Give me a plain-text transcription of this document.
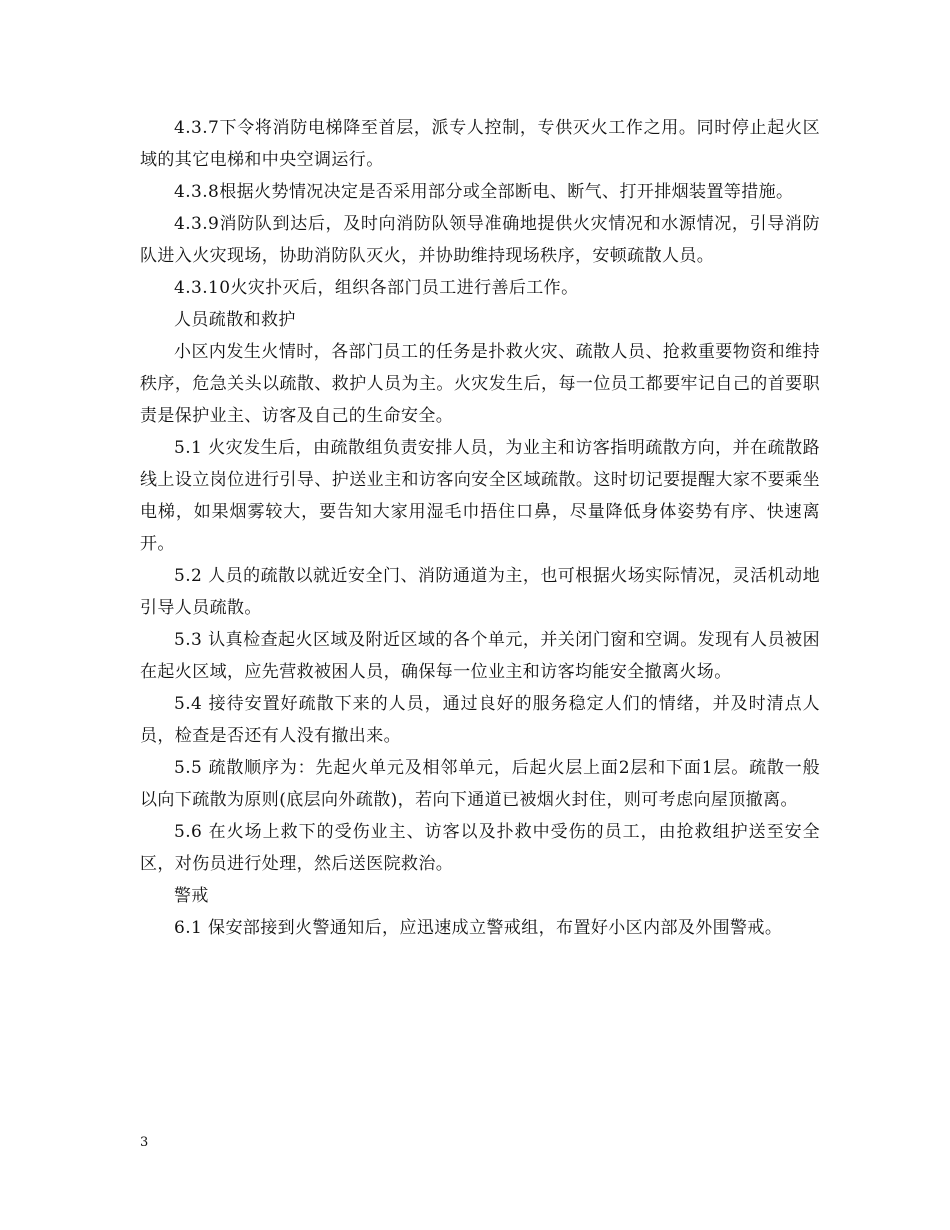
4.3.7下令将消防电梯降至首层，派专人控制，专供灭火工作之用。同时停止起火区域的其它电梯和中央空调运行。

4.3.8根据火势情况决定是否采用部分或全部断电、断气、打开排烟装置等措施。

4.3.9消防队到达后，及时向消防队领导准确地提供火灾情况和水源情况，引导消防队进入火灾现场，协助消防队灭火，并协助维持现场秩序，安顿疏散人员。

4.3.10火灾扑灭后，组织各部门员工进行善后工作。

人员疏散和救护

小区内发生火情时，各部门员工的任务是扑救火灾、疏散人员、抢救重要物资和维持秩序，危急关头以疏散、救护人员为主。火灾发生后，每一位员工都要牢记自己的首要职责是保护业主、访客及自己的生命安全。

5.1 火灾发生后，由疏散组负责安排人员，为业主和访客指明疏散方向，并在疏散路线上设立岗位进行引导、护送业主和访客向安全区域疏散。这时切记要提醒大家不要乘坐电梯，如果烟雾较大，要告知大家用湿毛巾捂住口鼻，尽量降低身体姿势有序、快速离开。

5.2 人员的疏散以就近安全门、消防通道为主，也可根据火场实际情况，灵活机动地引导人员疏散。

5.3 认真检查起火区域及附近区域的各个单元，并关闭门窗和空调。发现有人员被困在起火区域，应先营救被困人员，确保每一位业主和访客均能安全撤离火场。

5.4 接待安置好疏散下来的人员，通过良好的服务稳定人们的情绪，并及时清点人员，检查是否还有人没有撤出来。

5.5 疏散顺序为：先起火单元及相邻单元，后起火层上面2层和下面1层。疏散一般以向下疏散为原则(底层向外疏散)，若向下通道已被烟火封住，则可考虑向屋顶撤离。

5.6 在火场上救下的受伤业主、访客以及扑救中受伤的员工，由抢救组护送至安全区，对伤员进行处理，然后送医院救治。

警戒

6.1 保安部接到火警通知后，应迅速成立警戒组，布置好小区内部及外围警戒。

3
